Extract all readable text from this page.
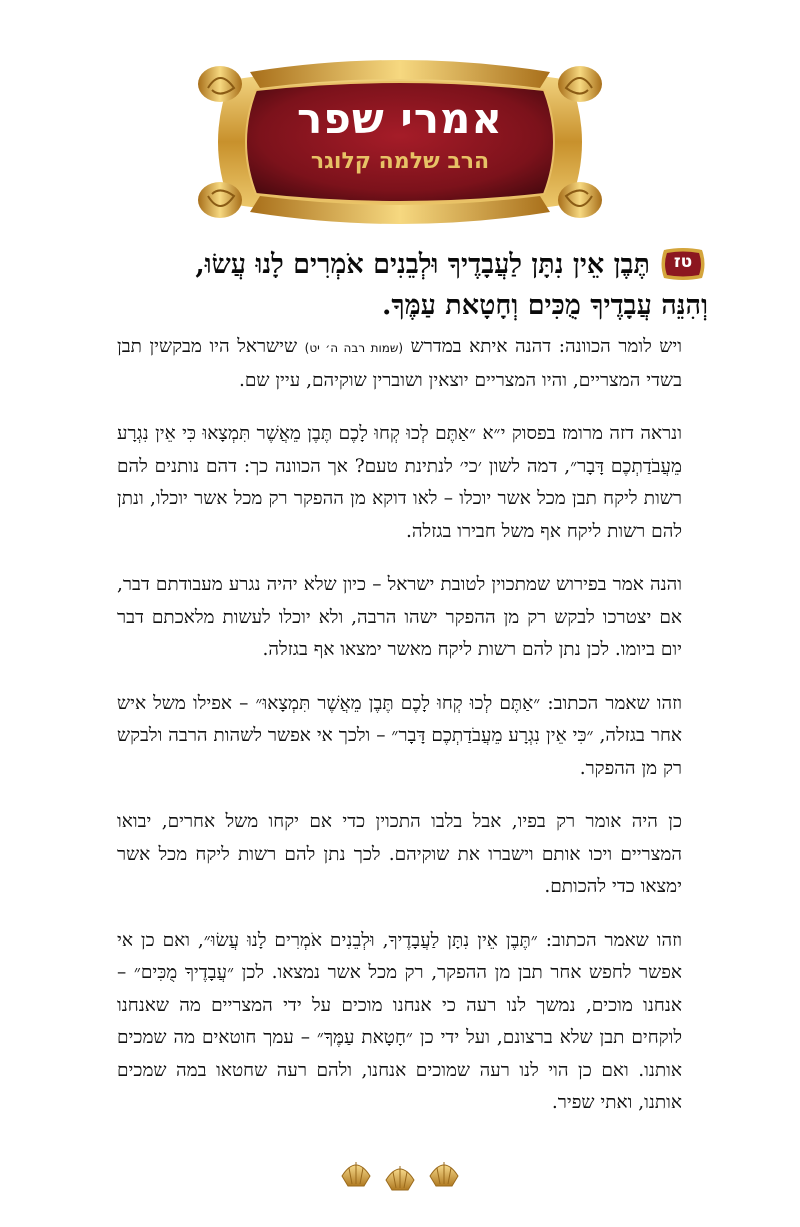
אמרי שפר
הרב שלמה קלוגר
טז
תֶּבֶן אֵין נִתָּן לַעֲבָדֶיךָ וּלְבֵנִים אֹמְרִים לָנוּ עֲשׂוּ,
וְהִנֵּה עֲבָדֶיךָ מֻכִּים וְחָטָאת עַמֶּךָ.

ויש לומר הכוונה: דהנה איתא במדרש (שמות רבה ה׳ יט) שישראל היו מבקשין תבן בשדי המצריים, והיו המצריים יוצאין ושוברין שוקיהם, עיין שם.

ונראה דזה מרומז בפסוק י״א ״אַתֶּם לְכוּ קְחוּ לָכֶם תֶּבֶן מֵאֲשֶׁר תִּמְצָאוּ כִּי אֵין נִגְרָע מֵעֲבֹדַתְכֶם דָּבָר״, דמה לשון ׳כי׳ לנתינת טעם? אך הכוונה כך: דהם נותנים להם רשות ליקח תבן מכל אשר יוכלו – לאו דוקא מן ההפקר רק מכל אשר יוכלו, ונתן להם רשות ליקח אף משל חבירו בגזלה.

והנה אמר בפירוש שמתכוין לטובת ישראל – כיון שלא יהיה נגרע מעבודתם דבר, אם יצטרכו לבקש רק מן ההפקר ישהו הרבה, ולא יוכלו לעשות מלאכתם דבר יום ביומו. לכן נתן להם רשות ליקח מאשר ימצאו אף בגזלה.

וזהו שאמר הכתוב: ״אַתֶּם לְכוּ קְחוּ לָכֶם תֶּבֶן מֵאֲשֶׁר תִּמְצָאוּ״ – אפילו משל איש אחר בגזלה, ״כִּי אֵין נִגְרָע מֵעֲבֹדַתְכֶם דָּבָר״ – ולכך אי אפשר לשהות הרבה ולבקש רק מן ההפקר.

כן היה אומר רק בפיו, אבל בלבו התכוין כדי אם יקחו משל אחרים, יבואו המצריים ויכו אותם וישברו את שוקיהם. לכך נתן להם רשות ליקח מכל אשר ימצאו כדי להכותם.

וזהו שאמר הכתוב: ״תֶּבֶן אֵין נִתָּן לַעֲבָדֶיךָ, וּלְבֵנִים אֹמְרִים לָנוּ עֲשׂוּ״, ואם כן אי אפשר לחפש אחר תבן מן ההפקר, רק מכל אשר נמצאו. לכן ״עֲבָדֶיךָ מֻכִּים״ – אנחנו מוכים, נמשך לנו רעה כי אנחנו מוכים על ידי המצריים מה שאנחנו לוקחים תבן שלא ברצונם, ועל ידי כן ״חָטָאת עַמֶּךָ״ – עמך חוטאים מה שמכים אותנו. ואם כן הוי לנו רעה שמוכים אנחנו, ולהם רעה שחטאו במה שמכים אותנו, ואתי שפיר.
